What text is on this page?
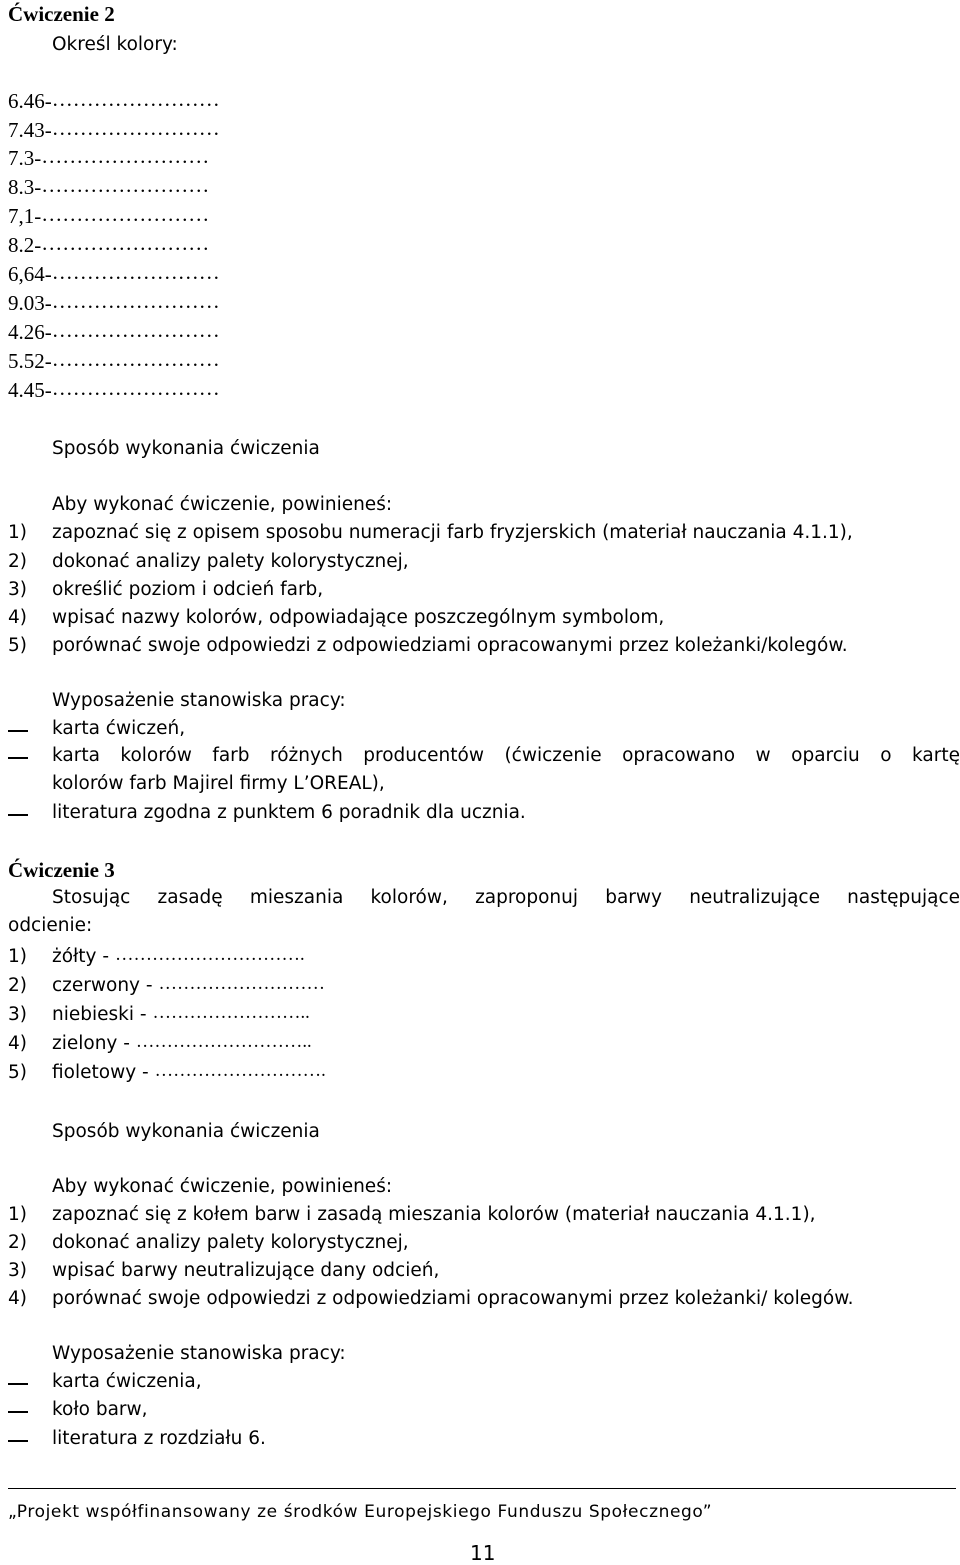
Ćwiczenie 2
Określ kolory:
6.46-……………………
7.43-……………………
7.3-……………………
8.3-……………………
7,1-……………………
8.2-……………………
6,64-……………………
9.03-……………………
4.26-……………………
5.52-……………………
4.45-……………………
Sposób wykonania ćwiczenia
Aby wykonać ćwiczenie, powinieneś:
1) zapoznać się z opisem sposobu numeracji farb fryzjerskich (materiał nauczania 4.1.1),
2) dokonać analizy palety kolorystycznej,
3) określić poziom i odcień farb,
4) wpisać nazwy kolorów, odpowiadające poszczególnym symbolom,
5) porównać swoje odpowiedzi z odpowiedziami opracowanymi przez koleżanki/kolegów.
Wyposażenie stanowiska pracy:
karta ćwiczeń,
karta kolorów farb różnych producentów (ćwiczenie opracowano w oparciu o kartę
kolorów farb Majirel firmy L’OREAL),
literatura zgodna z punktem 6 poradnik dla ucznia.
Ćwiczenie 3
Stosując zasadę mieszania kolorów, zaproponuj barwy neutralizujące następujące
odcienie:
1) żółty - ………………………….
2) czerwony - ………………………
3) niebieski - ……………………..
4) zielony - ………………………..
5) fioletowy - ……………………….
Sposób wykonania ćwiczenia
Aby wykonać ćwiczenie, powinieneś:
1) zapoznać się z kołem barw i zasadą mieszania kolorów (materiał nauczania 4.1.1),
2) dokonać analizy palety kolorystycznej,
3) wpisać barwy neutralizujące dany odcień,
4) porównać swoje odpowiedzi z odpowiedziami opracowanymi przez koleżanki/ kolegów.
Wyposażenie stanowiska pracy:
karta ćwiczenia,
koło barw,
literatura z rozdziału 6.
„Projekt współfinansowany ze środków Europejskiego Funduszu Społecznego”
11
